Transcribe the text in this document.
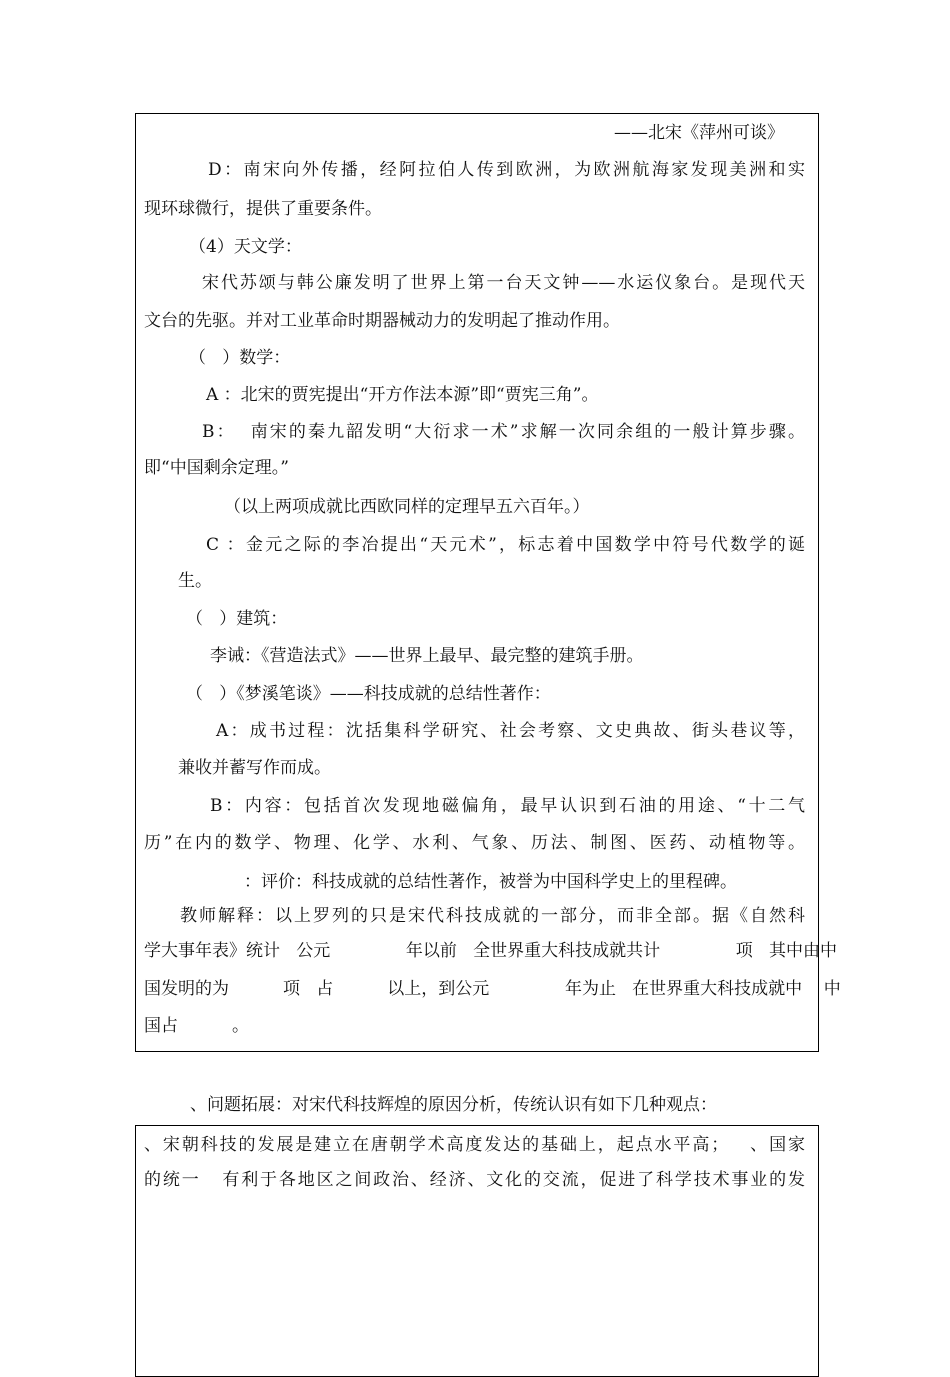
——北宋《萍州可谈》
D：南宋向外传播，经阿拉伯人传到欧洲，为欧洲航海家发现美洲和实
现环球微行，提供了重要条件。
（4）天文学：
宋代苏颂与韩公廉发明了世界上第一台天文钟——水运仪象台。是现代天
文台的先驱。并对工业革命时期器械动力的发明起了推动作用。
（   ）数学：
A ：北宋的贾宪提出“开方作法本源”即“贾宪三角”。
B：  南宋的秦九韶发明“大衍求一术”求解一次同余组的一般计算步骤。
即“中国剩余定理。”
（以上两项成就比西欧同样的定理早五六百年。）
C ：金元之际的李冶提出“天元术”，标志着中国数学中符号代数学的诞
生。
（   ）建筑：
李诫：《营造法式》——世界上最早、最完整的建筑手册。
（   ）《梦溪笔谈》——科技成就的总结性著作：
A：成书过程：沈括集科学研究、社会考察、文史典故、街头巷议等，
兼收并蓄写作而成。
B：内容：包括首次发现地磁偏角，最早认识到石油的用途、“十二气
历”在内的数学、物理、化学、水利、气象、历法、制图、医药、动植物等。
：评价：科技成就的总结性著作，被誉为中国科学史上的里程碑。
教师解释：以上罗列的只是宋代科技成就的一部分，而非全部。据《自然科
学大事年表》统计   公元              年以前   全世界重大科技成就共计              项   其中由中
国发明的为          项   占          以上，到公元              年为止   在世界重大科技成就中    中
国占          。
、问题拓展：对宋代科技辉煌的原因分析，传统认识有如下几种观点：
、宋朝科技的发展是建立在唐朝学术高度发达的基础上，起点水平高；   、国家
的统一   有利于各地区之间政治、经济、文化的交流，促进了科学技术事业的发
